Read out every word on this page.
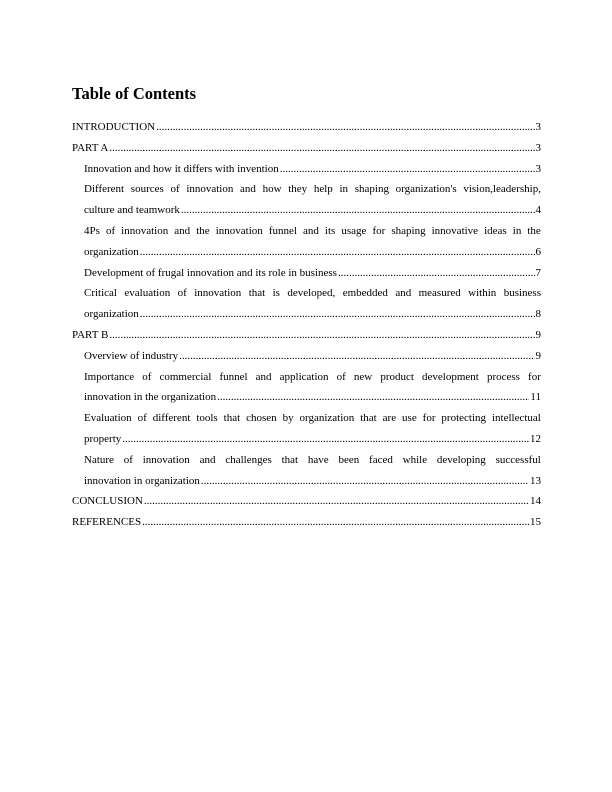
Table of Contents
INTRODUCTION .....	3
PART A .....	3
Innovation and how it differs with invention .....	3
Different sources of innovation and how they help in shaping organization's vision,leadership,
culture and teamwork .....	4
4Ps of innovation and the innovation funnel and its usage for shaping innovative ideas in the
organization .....	6
Development of frugal innovation and its role in business .....	7
Critical evaluation of innovation that is developed, embedded and measured within business
organization .....	8
PART B .....	9
Overview of industry .....	9
Importance of commercial funnel and application of new product development process for
innovation in the organization .....	11
Evaluation of different tools that chosen by organization that are use for protecting intellectual
property .....	12
Nature of innovation and challenges that have been faced while developing successful
innovation in organization .....	13
CONCLUSION .....	14
REFERENCES .....	15
